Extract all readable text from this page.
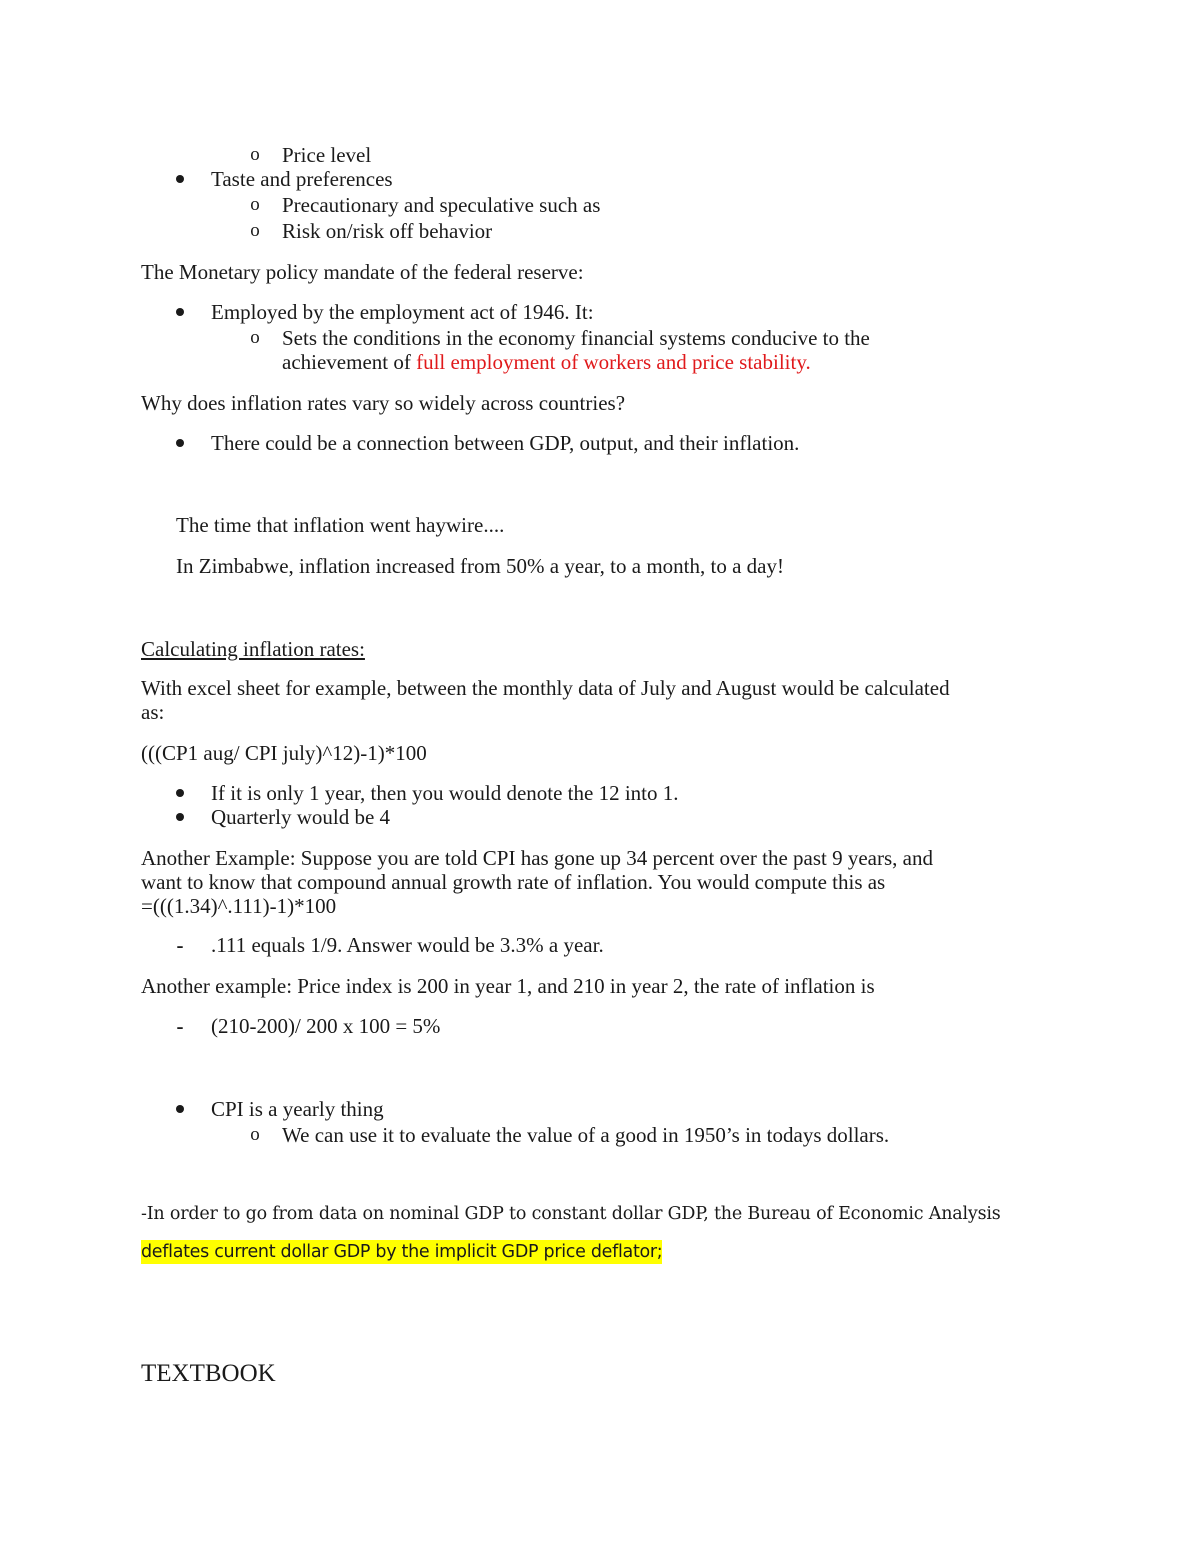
o Price level
Taste and preferences
o Precautionary and speculative such as
o Risk on/risk off behavior
The Monetary policy mandate of the federal reserve:
Employed by the employment act of 1946. It:
o Sets the conditions in the economy financial systems conducive to the
achievement of full employment of workers and price stability.
Why does inflation rates vary so widely across countries?
There could be a connection between GDP, output, and their inflation.
The time that inflation went haywire....
In Zimbabwe, inflation increased from 50% a year, to a month, to a day!
Calculating inflation rates:
With excel sheet for example, between the monthly data of July and August would be calculated
as:
(((CP1 aug/ CPI july)^12)-1)*100
If it is only 1 year, then you would denote the 12 into 1.
Quarterly would be 4
Another Example: Suppose you are told CPI has gone up 34 percent over the past 9 years, and
want to know that compound annual growth rate of inflation. You would compute this as
=(((1.34)^.111)-1)*100
- .111 equals 1/9. Answer would be 3.3% a year.
Another example: Price index is 200 in year 1, and 210 in year 2, the rate of inflation is
- (210-200)/ 200 x 100 = 5%
CPI is a yearly thing
o We can use it to evaluate the value of a good in 1950’s in todays dollars.
-In order to go from data on nominal GDP to constant dollar GDP, the Bureau of Economic Analysis
deflates current dollar GDP by the implicit GDP price deflator;
TEXTBOOK
